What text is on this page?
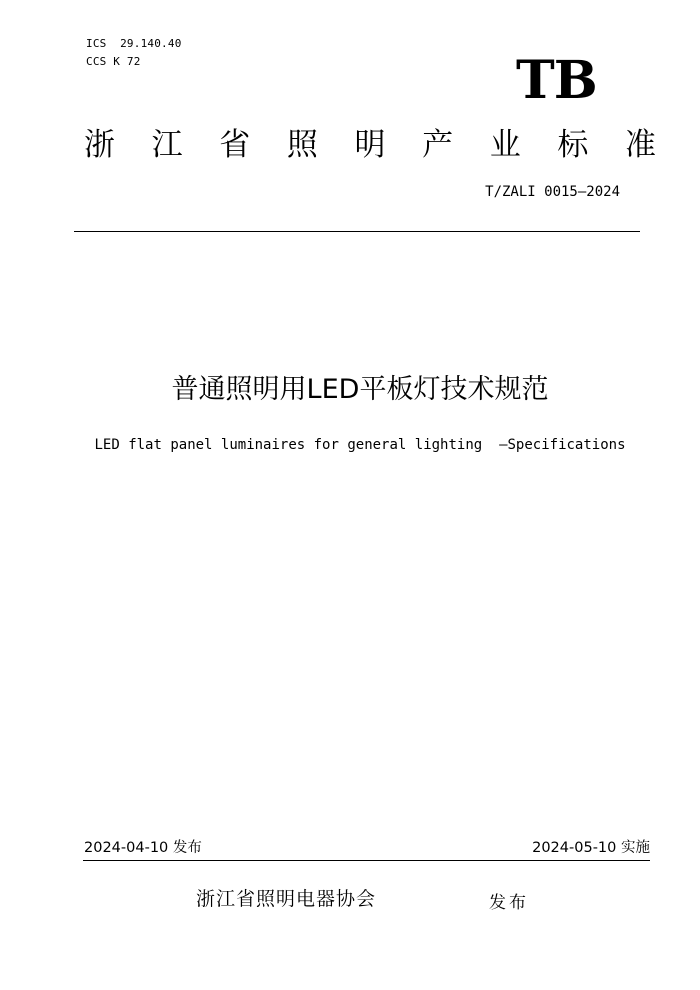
ICS  29.140.40
CCS K 72	TB
浙 江 省 照 明 产 业 标 准
T/ZALI 0015—2024
普通照明用LED平板灯技术规范
LED flat panel luminaires for general lighting  –Specifications
2024-04-10 发布	2024-05-10 实施
浙江省照明电器协会	发布
